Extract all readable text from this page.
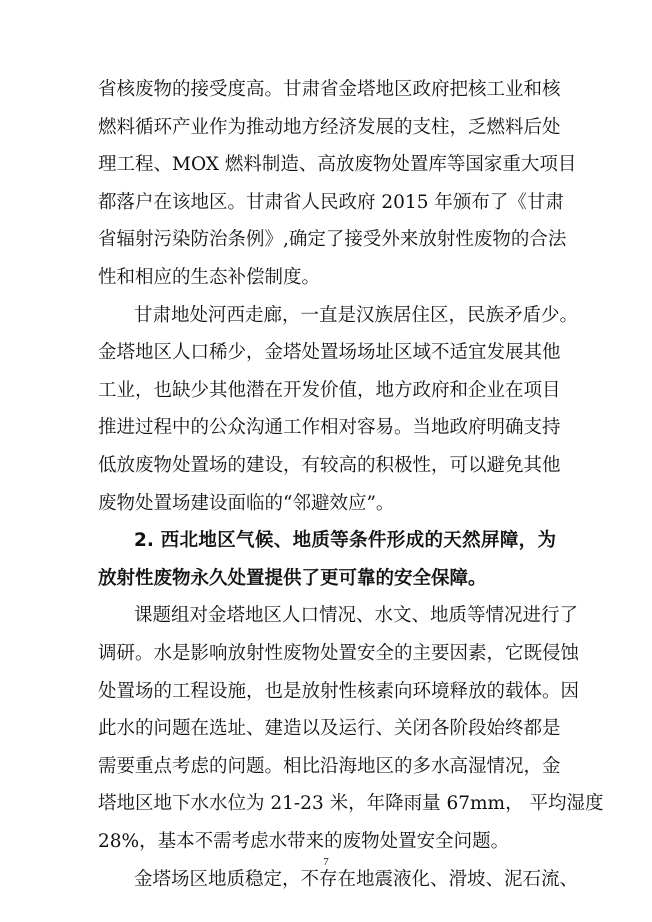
省核废物的接受度高。甘肃省金塔地区政府把核工业和核
燃料循环产业作为推动地方经济发展的支柱，乏燃料后处
理工程、MOX 燃料制造、高放废物处置库等国家重大项目
都落户在该地区。甘肃省人民政府 2015 年颁布了《甘肃
省辐射污染防治条例》,确定了接受外来放射性废物的合法
性和相应的生态补偿制度。
甘肃地处河西走廊，一直是汉族居住区，民族矛盾少。
金塔地区人口稀少，金塔处置场场址区域不适宜发展其他
工业，也缺少其他潜在开发价值，地方政府和企业在项目
推进过程中的公众沟通工作相对容易。当地政府明确支持
低放废物处置场的建设，有较高的积极性，可以避免其他
废物处置场建设面临的“邻避效应”。
2. 西北地区气候、地质等条件形成的天然屏障，为
放射性废物永久处置提供了更可靠的安全保障。
课题组对金塔地区人口情况、水文、地质等情况进行了
调研。水是影响放射性废物处置安全的主要因素，它既侵蚀
处置场的工程设施，也是放射性核素向环境释放的载体。因
此水的问题在选址、建造以及运行、关闭各阶段始终都是
需要重点考虑的问题。相比沿海地区的多水高湿情况，金
塔地区地下水水位为 21-23 米，年降雨量 67mm， 平均湿度
28%，基本不需考虑水带来的废物处置安全问题。
金塔场区地质稳定，不存在地震液化、滑坡、泥石流、
7
